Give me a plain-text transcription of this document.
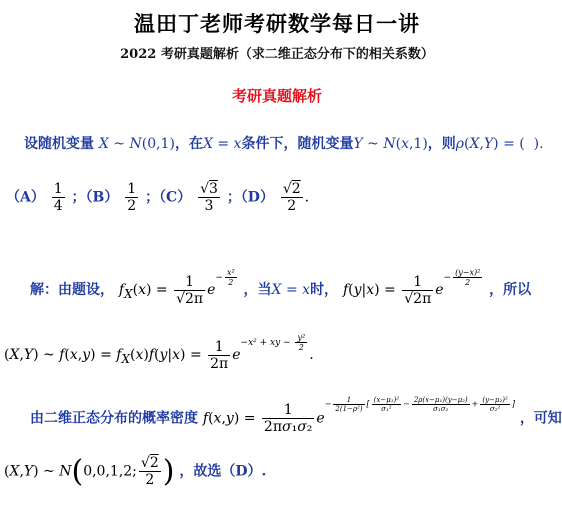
温田丁老师考研数学每日一讲
2022 考研真题解析（求二维正态分布下的相关系数）
考研真题解析
设随机变量 X ~ N(0,1)，在X = x条件下，随机变量Y ~ N(x,1)，则ρ(X,Y) = (  ).
$(A) \frac{1}{4}$ ；$(B) \frac{1}{2}$ ；$(C) \frac{√3}{3}$ ；$(D) \frac{√2}{2}$ .
解：由题设， $f_X(x) = \frac{1}{√2\pi} e- \frac{\text{x²}}{2}$
，当X = x时， $f(y|x) = \frac{1}{√2\pi} e- \frac{\text{(y−x)²}}{2}$
，所以
(X,Y) ~ $f(x,y) = f_X(x)f(y|x) = \frac{1}{2\pi} e-x^2$ + xy − $\frac{\text{y²}}{2}$
.
由二维正态分布的概率密度 $f(x,y) = \frac{1}{\text{2πσ₁σ₂}} e- \frac{1}{\text{2(1−ρ²)}}$ [ $\frac{\text{(x−μ₁)²}}{\text{σ₁²}} - \frac{\text{2ρ(x−μ₁)(y−μ₂)}}{\text{σ₁σ₂}} + \frac{\text{(y−μ₂)²}}{\text{σ₂²}}$ ] ，可知
(X,Y) ~ N(0,0,1,2; $\frac{√2}{2}$ ) ，故选（D）.
